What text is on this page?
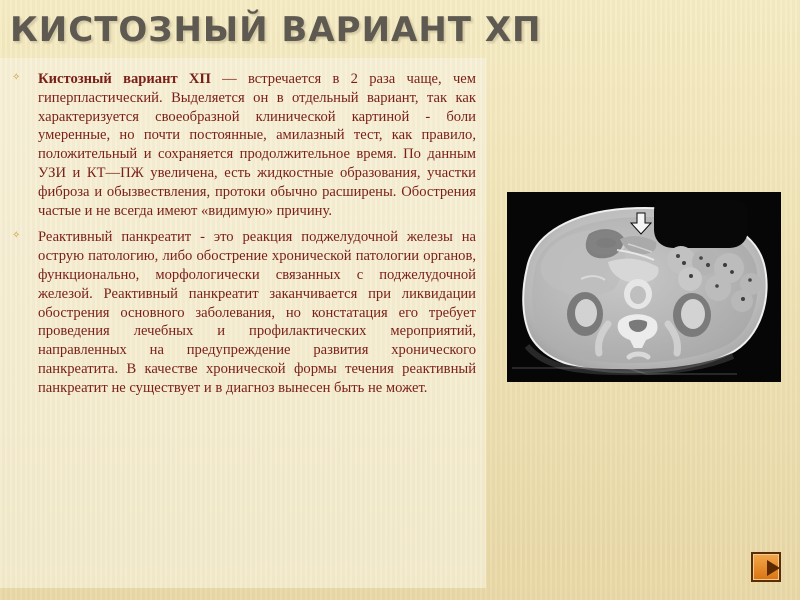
КИСТОЗНЫЙ ВАРИАНТ ХП
✧ Кистозный вариант ХП — встречается в 2 раза чаще, чем гиперпластический. Выделяется он в отдельный вариант, так как характеризуется своеобразной клинической картиной - боли умеренные, но почти постоянные, амилазный тест, как правило, положительный и сохраняется продолжительное время. По данным УЗИ и КТ—ПЖ увеличена, есть жидкостные образования, участки фиброза и обызвествления, протоки обычно расширены. Обострения частые и не всегда имеют «видимую» причину.

✧ Реактивный панкреатит - это реакция поджелудочной железы на острую патологию, либо обострение хронической патологии органов, функционально, морфологически связанных с поджелудочной железой. Реактивный панкреатит заканчивается при ликвидации обострения основного заболевания, но констатация его требует проведения лечебных и профилактических мероприятий, направленных на предупреждение развития хронического панкреатита. В качестве хронической формы течения реактивный панкреатит не существует и в диагноз вынесен быть не может.
